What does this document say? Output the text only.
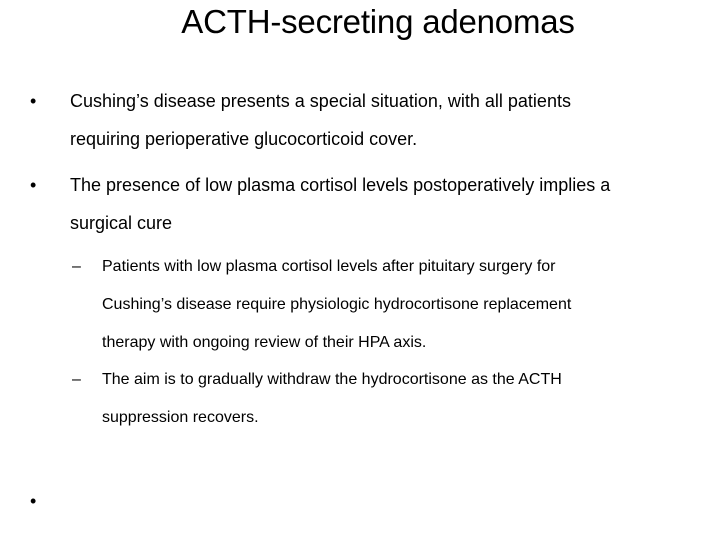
ACTH-secreting adenomas
• Cushing’s disease presents a special situation, with all patients
requiring perioperative glucocorticoid cover.
• The presence of low plasma cortisol levels postoperatively implies a
surgical cure
– Patients with low plasma cortisol levels after pituitary surgery for
Cushing’s disease require physiologic hydrocortisone replacement
therapy with ongoing review of their HPA axis.
– The aim is to gradually withdraw the hydrocortisone as the ACTH
suppression recovers.
•
